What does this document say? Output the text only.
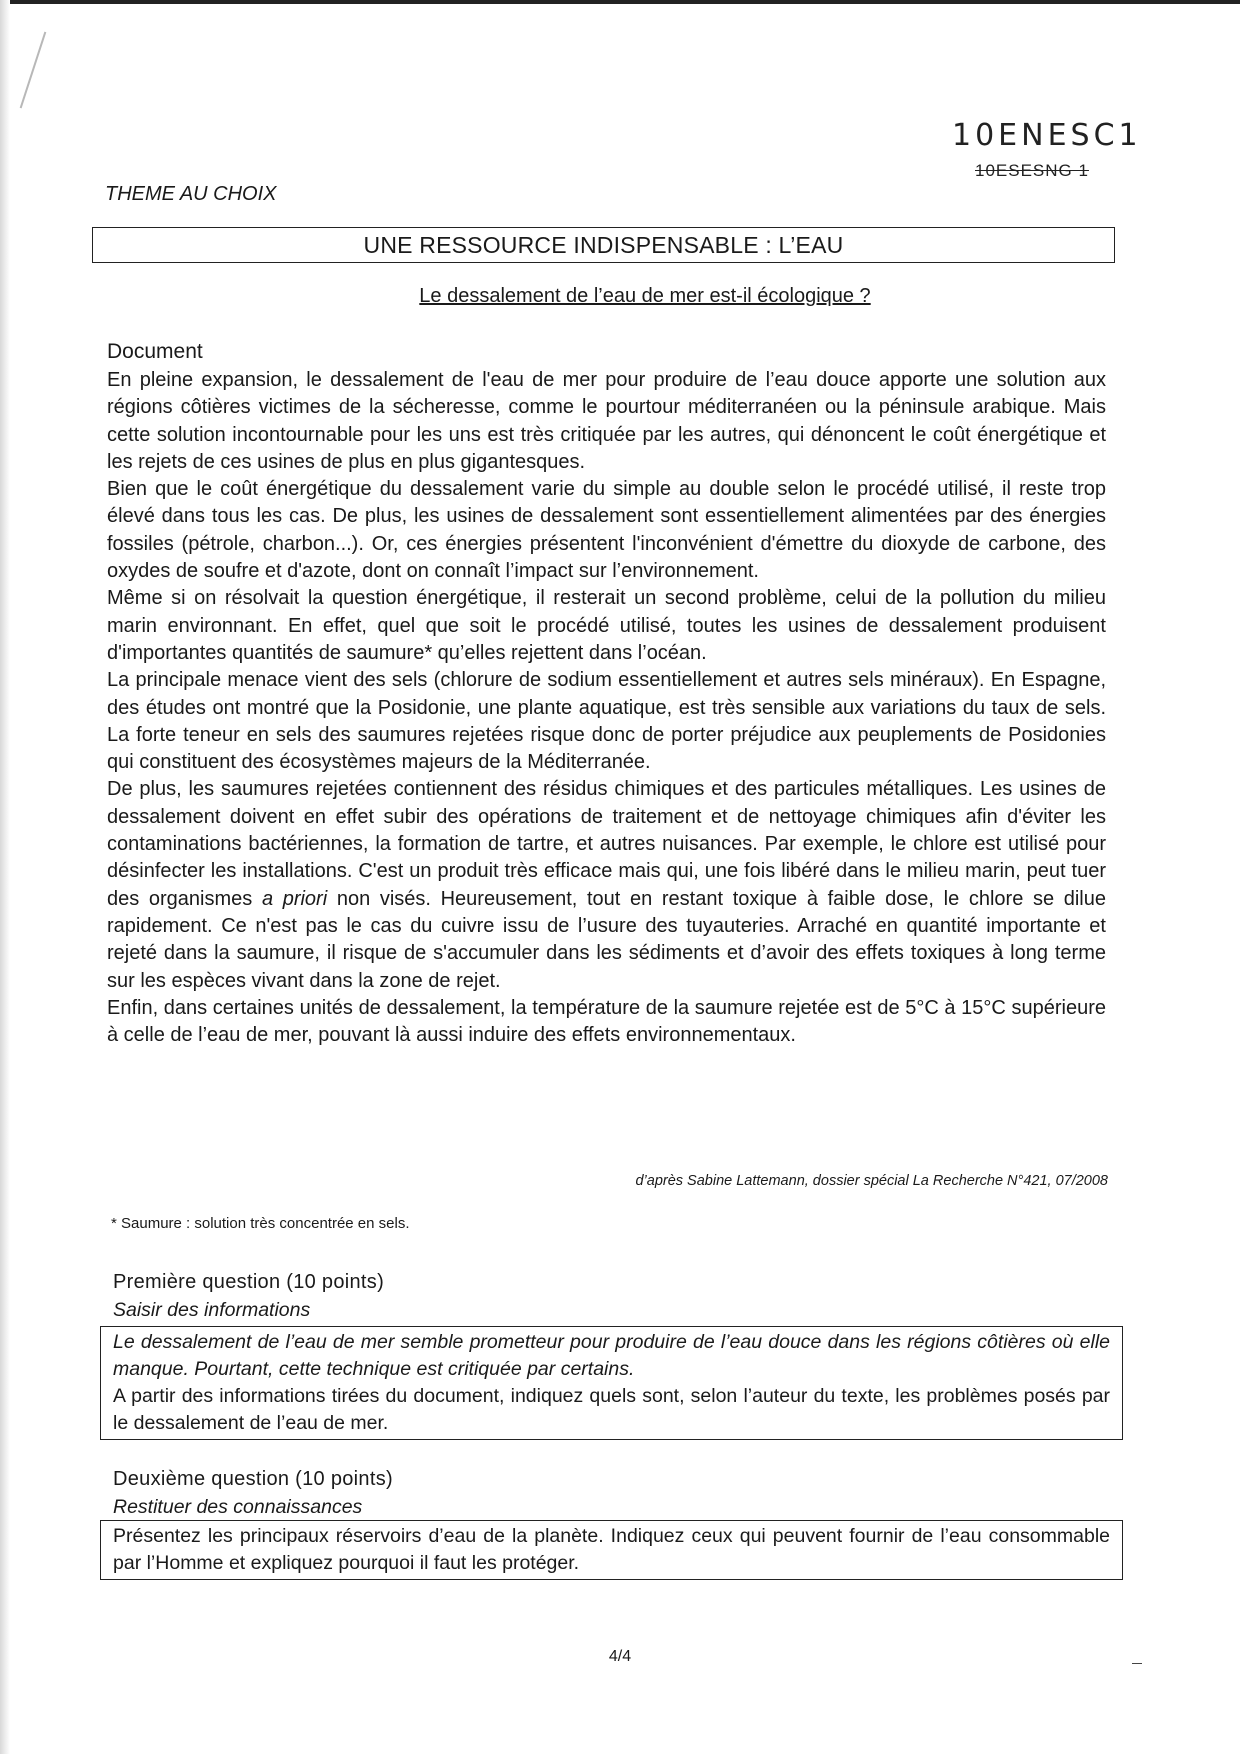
10ENESC1
10ESESNG 1
THEME AU CHOIX
UNE RESSOURCE INDISPENSABLE : L’EAU
Le dessalement de l’eau de mer est-il écologique ?
Document

En pleine expansion, le dessalement de l'eau de mer pour produire de l’eau douce apporte une solution aux régions côtières victimes de la sécheresse, comme le pourtour méditerranéen ou la péninsule arabique. Mais cette solution incontournable pour les uns est très critiquée par les autres, qui dénoncent le coût énergétique et les rejets de ces usines de plus en plus gigantesques.

Bien que le coût énergétique du dessalement varie du simple au double selon le procédé utilisé, il reste trop élevé dans tous les cas. De plus, les usines de dessalement sont essentiellement alimentées par des énergies fossiles (pétrole, charbon...). Or, ces énergies présentent l'inconvénient d'émettre du dioxyde de carbone, des oxydes de soufre et d'azote, dont on connaît l’impact sur l’environnement.

Même si on résolvait la question énergétique, il resterait un second problème, celui de la pollution du milieu marin environnant. En effet, quel que soit le procédé utilisé, toutes les usines de dessalement produisent d'importantes quantités de saumure* qu’elles rejettent dans l’océan.

La principale menace vient des sels (chlorure de sodium essentiellement et autres sels minéraux). En Espagne, des études ont montré que la Posidonie, une plante aquatique, est très sensible aux variations du taux de sels. La forte teneur en sels des saumures rejetées risque donc de porter préjudice aux peuplements de Posidonies qui constituent des écosystèmes majeurs de la Méditerranée.

De plus, les saumures rejetées contiennent des résidus chimiques et des particules métalliques. Les usines de dessalement doivent en effet subir des opérations de traitement et de nettoyage chimiques afin d'éviter les contaminations bactériennes, la formation de tartre, et autres nuisances. Par exemple, le chlore est utilisé pour désinfecter les installations. C'est un produit très efficace mais qui, une fois libéré dans le milieu marin, peut tuer des organismes a priori non visés. Heureusement, tout en restant toxique à faible dose, le chlore se dilue rapidement. Ce n'est pas le cas du cuivre issu de l’usure des tuyauteries. Arraché en quantité importante et rejeté dans la saumure, il risque de s'accumuler dans les sédiments et d’avoir des effets toxiques à long terme sur les espèces vivant dans la zone de rejet.

Enfin, dans certaines unités de dessalement, la température de la saumure rejetée est de 5°C à 15°C supérieure à celle de l’eau de mer, pouvant là aussi induire des effets environnementaux.

d’après Sabine Lattemann, dossier spécial La Recherche N°421, 07/2008
* Saumure : solution très concentrée en sels.
Première question (10 points)
Saisir des informations

Le dessalement de l’eau de mer semble prometteur pour produire de l’eau douce dans les régions côtières où elle manque. Pourtant, cette technique est critiquée par certains.

A partir des informations tirées du document, indiquez quels sont, selon l’auteur du texte, les problèmes posés par le dessalement de l’eau de mer.

Deuxième question (10 points)
Restituer des connaissances

Présentez les principaux réservoirs d’eau de la planète. Indiquez ceux qui peuvent fournir de l’eau consommable par l’Homme et expliquez pourquoi il faut les protéger.

4/4
